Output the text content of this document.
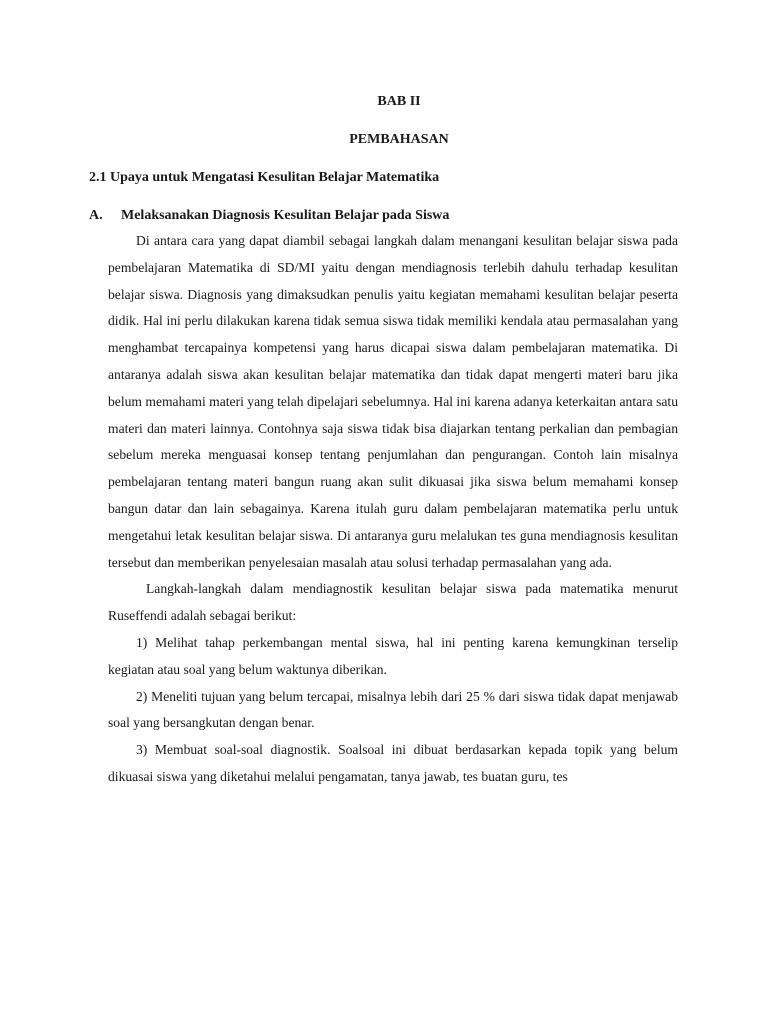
BAB II
PEMBAHASAN
2.1 Upaya untuk Mengatasi Kesulitan Belajar Matematika
A.	Melaksanakan Diagnosis Kesulitan Belajar pada Siswa

Di antara cara yang dapat diambil sebagai langkah dalam menangani kesulitan belajar siswa pada pembelajaran Matematika di SD/MI yaitu dengan mendiagnosis terlebih dahulu terhadap kesulitan belajar siswa. Diagnosis yang dimaksudkan penulis yaitu kegiatan memahami kesulitan belajar peserta didik. Hal ini perlu dilakukan karena tidak semua siswa tidak memiliki kendala atau permasalahan yang menghambat tercapainya kompetensi yang harus dicapai siswa dalam pembelajaran matematika. Di antaranya adalah siswa akan kesulitan belajar matematika dan tidak dapat mengerti materi baru jika belum memahami materi yang telah dipelajari sebelumnya. Hal ini karena adanya keterkaitan antara satu materi dan materi lainnya. Contohnya saja siswa tidak bisa diajarkan tentang perkalian dan pembagian sebelum mereka menguasai konsep tentang penjumlahan dan pengurangan. Contoh lain misalnya pembelajaran tentang materi bangun ruang akan sulit dikuasai jika siswa belum memahami konsep bangun datar dan lain sebagainya. Karena itulah guru dalam pembelajaran matematika perlu untuk mengetahui letak kesulitan belajar siswa. Di antaranya guru melalukan tes guna mendiagnosis kesulitan tersebut dan memberikan penyelesaian masalah atau solusi terhadap permasalahan yang ada.

Langkah-langkah dalam mendiagnostik kesulitan belajar siswa pada matematika menurut Ruseffendi adalah sebagai berikut:

1) Melihat tahap perkembangan mental siswa, hal ini penting karena kemungkinan terselip kegiatan atau soal yang belum waktunya diberikan.

2) Meneliti tujuan yang belum tercapai, misalnya lebih dari 25 % dari siswa tidak dapat menjawab soal yang bersangkutan dengan benar.

3) Membuat soal-soal diagnostik. Soalsoal ini dibuat berdasarkan kepada topik yang belum dikuasai siswa yang diketahui melalui pengamatan, tanya jawab, tes buatan guru, tes
